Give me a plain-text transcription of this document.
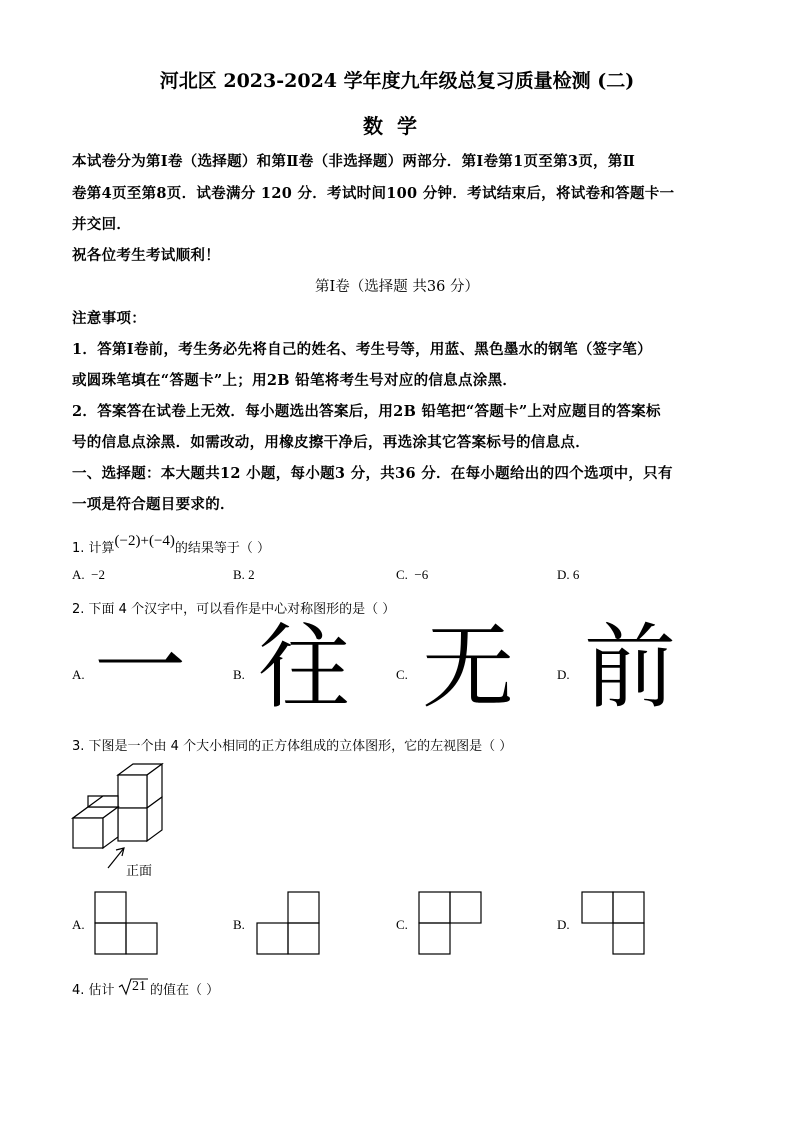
河北区 2023-2024 学年度九年级总复习质量检测 (二)
数学
本试卷分为第Ⅰ卷（选择题）和第Ⅱ卷（非选择题）两部分．第Ⅰ卷第1页至第3页，第Ⅱ
卷第4页至第8页．试卷满分 120 分．考试时间100 分钟．考试结束后，将试卷和答题卡一
并交回．
祝各位考生考试顺利！
第Ⅰ卷（选择题 共36 分）
注意事项：
1．答第Ⅰ卷前，考生务必先将自己的姓名、考生号等，用蓝、黑色墨水的钢笔（签字笔）
或圆珠笔填在“答题卡”上；用2B 铅笔将考生号对应的信息点涂黑．
2．答案答在试卷上无效．每小题选出答案后，用2B 铅笔把“答题卡”上对应题目的答案标
号的信息点涂黑．如需改动，用橡皮擦干净后，再选涂其它答案标号的信息点．
一、选择题：本大题共12 小题，每小题3 分，共36 分．在每小题给出的四个选项中，只有
一项是符合题目要求的．
1. 计算(−2)+(−4)的结果等于（ ）
A. −2	B. 2	C. −6	D. 6
2. 下面 4 个汉字中，可以看作是中心对称图形的是（ ）
A. 一	B. 往	C. 无	D. 前
3. 下图是一个由 4 个大小相同的正方体组成的立体图形，它的左视图是（ ）
正面
A.	B.	C.	D.
4. 估计 21 的值在（ ）
